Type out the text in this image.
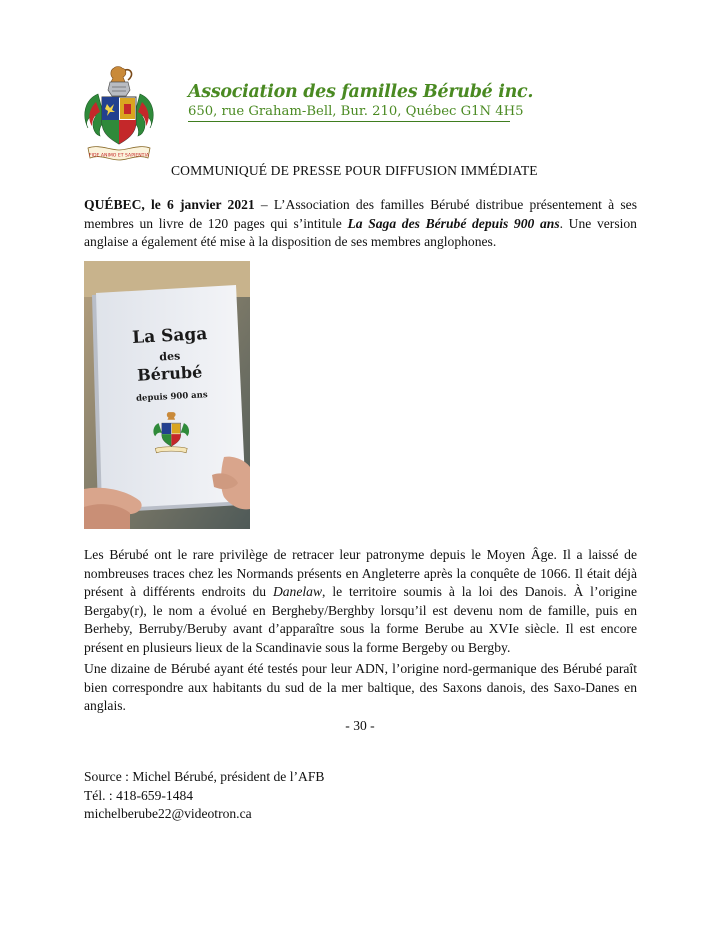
FIDE ANIMO ET SAPIENTIA
Association des familles Bérubé inc.
650, rue Graham-Bell, Bur. 210, Québec G1N 4H5
COMMUNIQUÉ DE PRESSE POUR DIFFUSION IMMÉDIATE
QUÉBEC, le 6 janvier 2021 – L’Association des familles Bérubé distribue présentement à ses membres un livre de 120 pages qui s’intitule La Saga des Bérubé depuis 900 ans. Une version anglaise a également été mise à la disposition de ses membres anglophones.
La Saga
des
Bérubé
depuis 900 ans
Les Bérubé ont le rare privilège de retracer leur patronyme depuis le Moyen Âge. Il a laissé de nombreuses traces chez les Normands présents en Angleterre après la conquête de 1066. Il était déjà présent à différents endroits du Danelaw, le territoire soumis à la loi des Danois. À l’origine Bergaby(r), le nom a évolué en Bergheby/Berghby lorsqu’il est devenu nom de famille, puis en Berheby, Berruby/Beruby avant d’apparaître sous la forme Berube au XVIe siècle. Il est encore présent en plusieurs lieux de la Scandinavie sous la forme Bergeby ou Bergby.
Une dizaine de Bérubé ayant été testés pour leur ADN, l’origine nord-germanique des Bérubé paraît bien correspondre aux habitants du sud de la mer baltique, des Saxons danois, des Saxo-Danes en anglais.
- 30 -
Source : Michel Bérubé, président de l’AFB
Tél. : 418-659-1484
michelberube22@videotron.ca
